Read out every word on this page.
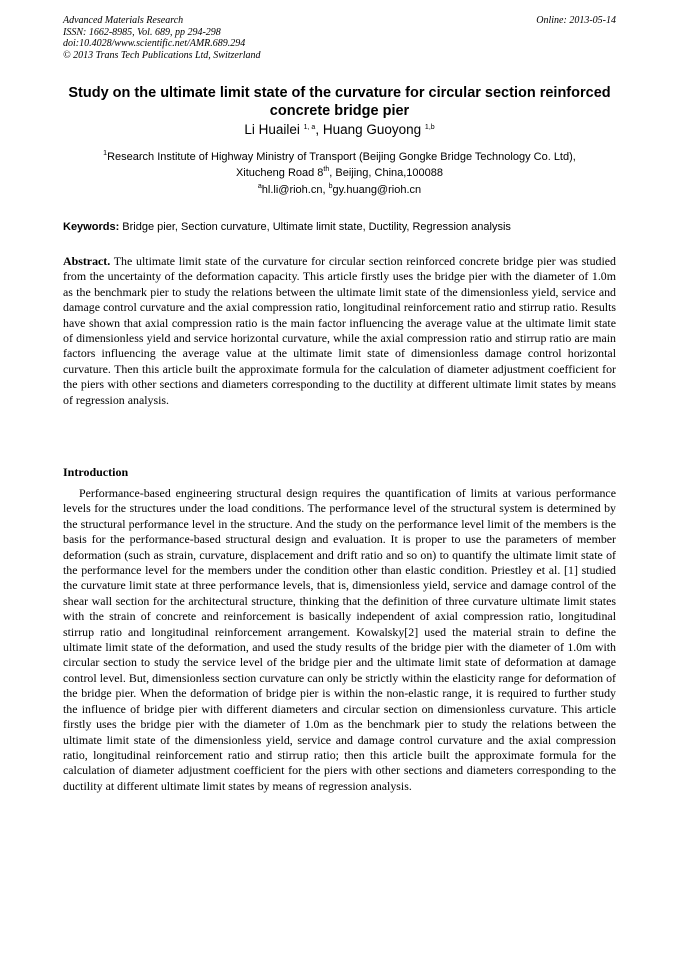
Advanced Materials Research
ISSN: 1662-8985, Vol. 689, pp 294-298
doi:10.4028/www.scientific.net/AMR.689.294
© 2013 Trans Tech Publications Ltd, Switzerland
Online: 2013-05-14
Study on the ultimate limit state of the curvature for circular section reinforced concrete bridge pier
Li Huailei $^{1, a}$, Huang Guoyong $^{1,b}$
$^1$Research Institute of Highway Ministry of Transport (Beijing Gongke Bridge Technology Co. Ltd),
Xitucheng Road 8th, Beijing, China,100088
$^a$hl.li@rioh.cn, $^b$gy.huang@rioh.cn
Keywords: Bridge pier, Section curvature, Ultimate limit state, Ductility, Regression analysis
Abstract. The ultimate limit state of the curvature for circular section reinforced concrete bridge pier was studied from the uncertainty of the deformation capacity. This article firstly uses the bridge pier with the diameter of 1.0m as the benchmark pier to study the relations between the ultimate limit state of the dimensionless yield, service and damage control curvature and the axial compression ratio, longitudinal reinforcement ratio and stirrup ratio. Results have shown that axial compression ratio is the main factor influencing the average value at the ultimate limit state of dimensionless yield and service horizontal curvature, while the axial compression ratio and stirrup ratio are main factors influencing the average value at the ultimate limit state of dimensionless damage control horizontal curvature. Then this article built the approximate formula for the calculation of diameter adjustment coefficient for the piers with other sections and diameters corresponding to the ductility at different ultimate limit states by means of regression analysis.
Introduction
Performance-based engineering structural design requires the quantification of limits at various performance levels for the structures under the load conditions. The performance level of the structural system is determined by the structural performance level in the structure. And the study on the performance level limit of the members is the basis for the performance-based structural design and evaluation. It is proper to use the parameters of member deformation (such as strain, curvature, displacement and drift ratio and so on) to quantify the ultimate limit state of the performance level for the members under the condition other than elastic condition. Priestley et al. [1] studied the curvature limit state at three performance levels, that is, dimensionless yield, service and damage control of the shear wall section for the architectural structure, thinking that the definition of three curvature ultimate limit states with the strain of concrete and reinforcement is basically independent of axial compression ratio, longitudinal stirrup ratio and longitudinal reinforcement arrangement. Kowalsky[2] used the material strain to define the ultimate limit state of the deformation, and used the study results of the bridge pier with the diameter of 1.0m with circular section to study the service level of the bridge pier and the ultimate limit state of deformation at damage control level. But, dimensionless section curvature can only be strictly within the elasticity range for deformation of the bridge pier. When the deformation of bridge pier is within the non-elastic range, it is required to further study the influence of bridge pier with different diameters and circular section on dimensionless curvature. This article firstly uses the bridge pier with the diameter of 1.0m as the benchmark pier to study the relations between the ultimate limit state of the dimensionless yield, service and damage control curvature and the axial compression ratio, longitudinal reinforcement ratio and stirrup ratio; then this article built the approximate formula for the calculation of diameter adjustment coefficient for the piers with other sections and diameters corresponding to the ductility at different ultimate limit states by means of regression analysis.
